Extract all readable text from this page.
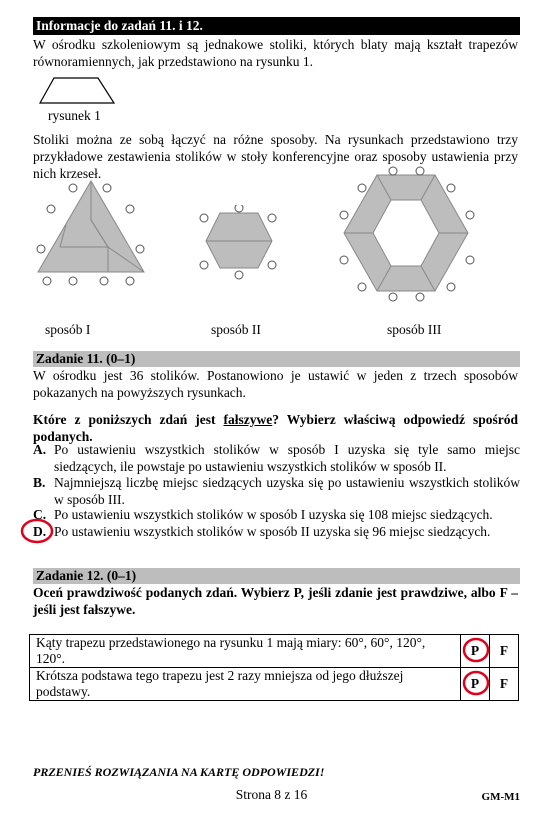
Informacje do zadań 11. i 12.
W ośrodku szkoleniowym są jednakowe stoliki, których blaty mają kształt trapezów równoramiennych, jak przedstawiono na rysunku 1.
rysunek 1
Stoliki można ze sobą łączyć na różne sposoby. Na rysunkach przedstawiono trzy przykładowe zestawienia stolików w stoły konferencyjne oraz sposoby ustawienia przy nich krzeseł.
sposób I	sposób II	sposób III
Zadanie 11. (0–1)
W ośrodku jest 36 stolików. Postanowiono je ustawić w jeden z trzech sposobów pokazanych na powyższych rysunkach.
Które z poniższych zdań jest fałszywe? Wybierz właściwą odpowiedź spośród podanych.
A. Po ustawieniu wszystkich stolików w sposób I uzyska się tyle samo miejsc siedzących, ile powstaje po ustawieniu wszystkich stolików w sposób II.
B. Najmniejszą liczbę miejsc siedzących uzyska się po ustawieniu wszystkich stolików w sposób III.
C. Po ustawieniu wszystkich stolików w sposób I uzyska się 108 miejsc siedzących.
D. Po ustawieniu wszystkich stolików w sposób II uzyska się 96 miejsc siedzących.
Zadanie 12. (0–1)
Oceń prawdziwość podanych zdań. Wybierz P, jeśli zdanie jest prawdziwe, albo F – jeśli jest fałszywe.
Kąty trapezu przedstawionego na rysunku 1 mają miary: 60°, 60°, 120°, 120°.	P	F
Krótsza podstawa tego trapezu jest 2 razy mniejsza od jego dłuższej podstawy.	P	F
PRZENIEŚ ROZWIĄZANIA NA KARTĘ ODPOWIEDZI!
Strona 8 z 16	GM-M1
